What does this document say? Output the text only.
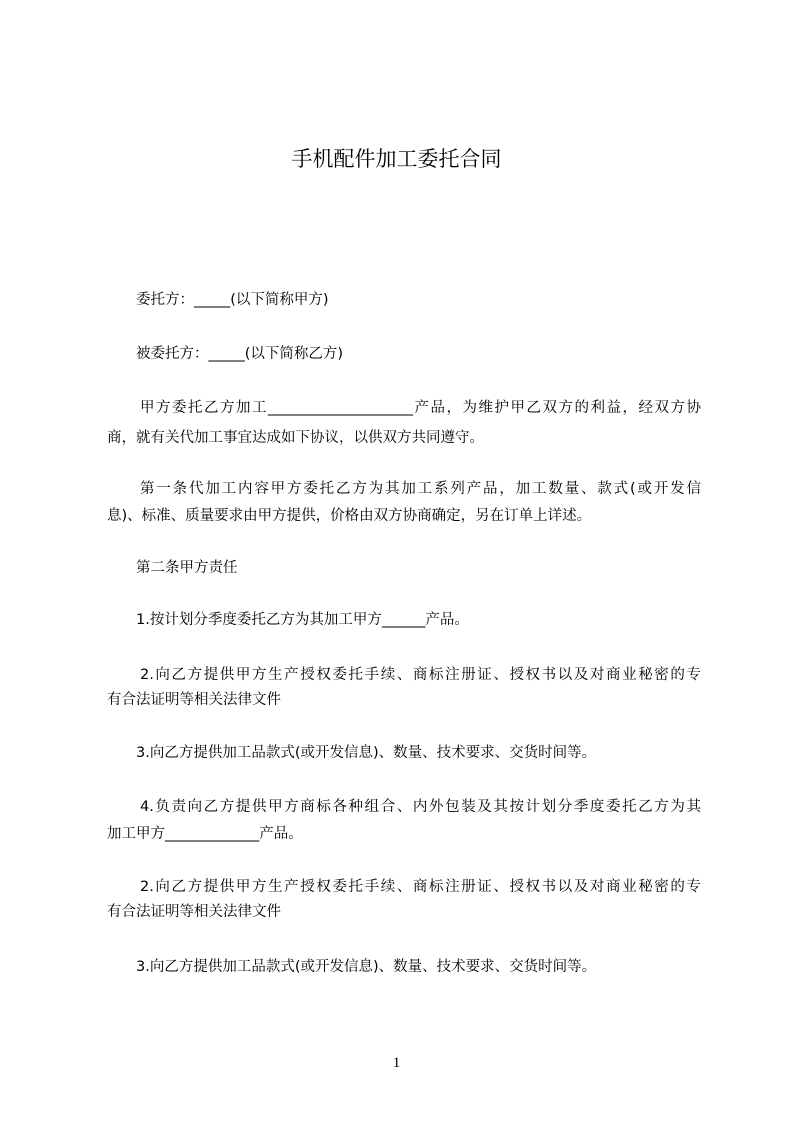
手机配件加工委托合同
委托方：_____(以下简称甲方)
被委托方：_____(以下简称乙方)
甲方委托乙方加工____________________产品，为维护甲乙双方的利益，经双方协
商，就有关代加工事宜达成如下协议，以供双方共同遵守。
第一条代加工内容甲方委托乙方为其加工系列产品，加工数量、款式(或开发信
息)、标准、质量要求由甲方提供，价格由双方协商确定，另在订单上详述。
第二条甲方责任
1.按计划分季度委托乙方为其加工甲方______产品。
2.向乙方提供甲方生产授权委托手续、商标注册证、授权书以及对商业秘密的专
有合法证明等相关法律文件
3.向乙方提供加工品款式(或开发信息)、数量、技术要求、交货时间等。
4.负责向乙方提供甲方商标各种组合、内外包装及其按计划分季度委托乙方为其
加工甲方_____________产品。
2.向乙方提供甲方生产授权委托手续、商标注册证、授权书以及对商业秘密的专
有合法证明等相关法律文件
3.向乙方提供加工品款式(或开发信息)、数量、技术要求、交货时间等。
1
